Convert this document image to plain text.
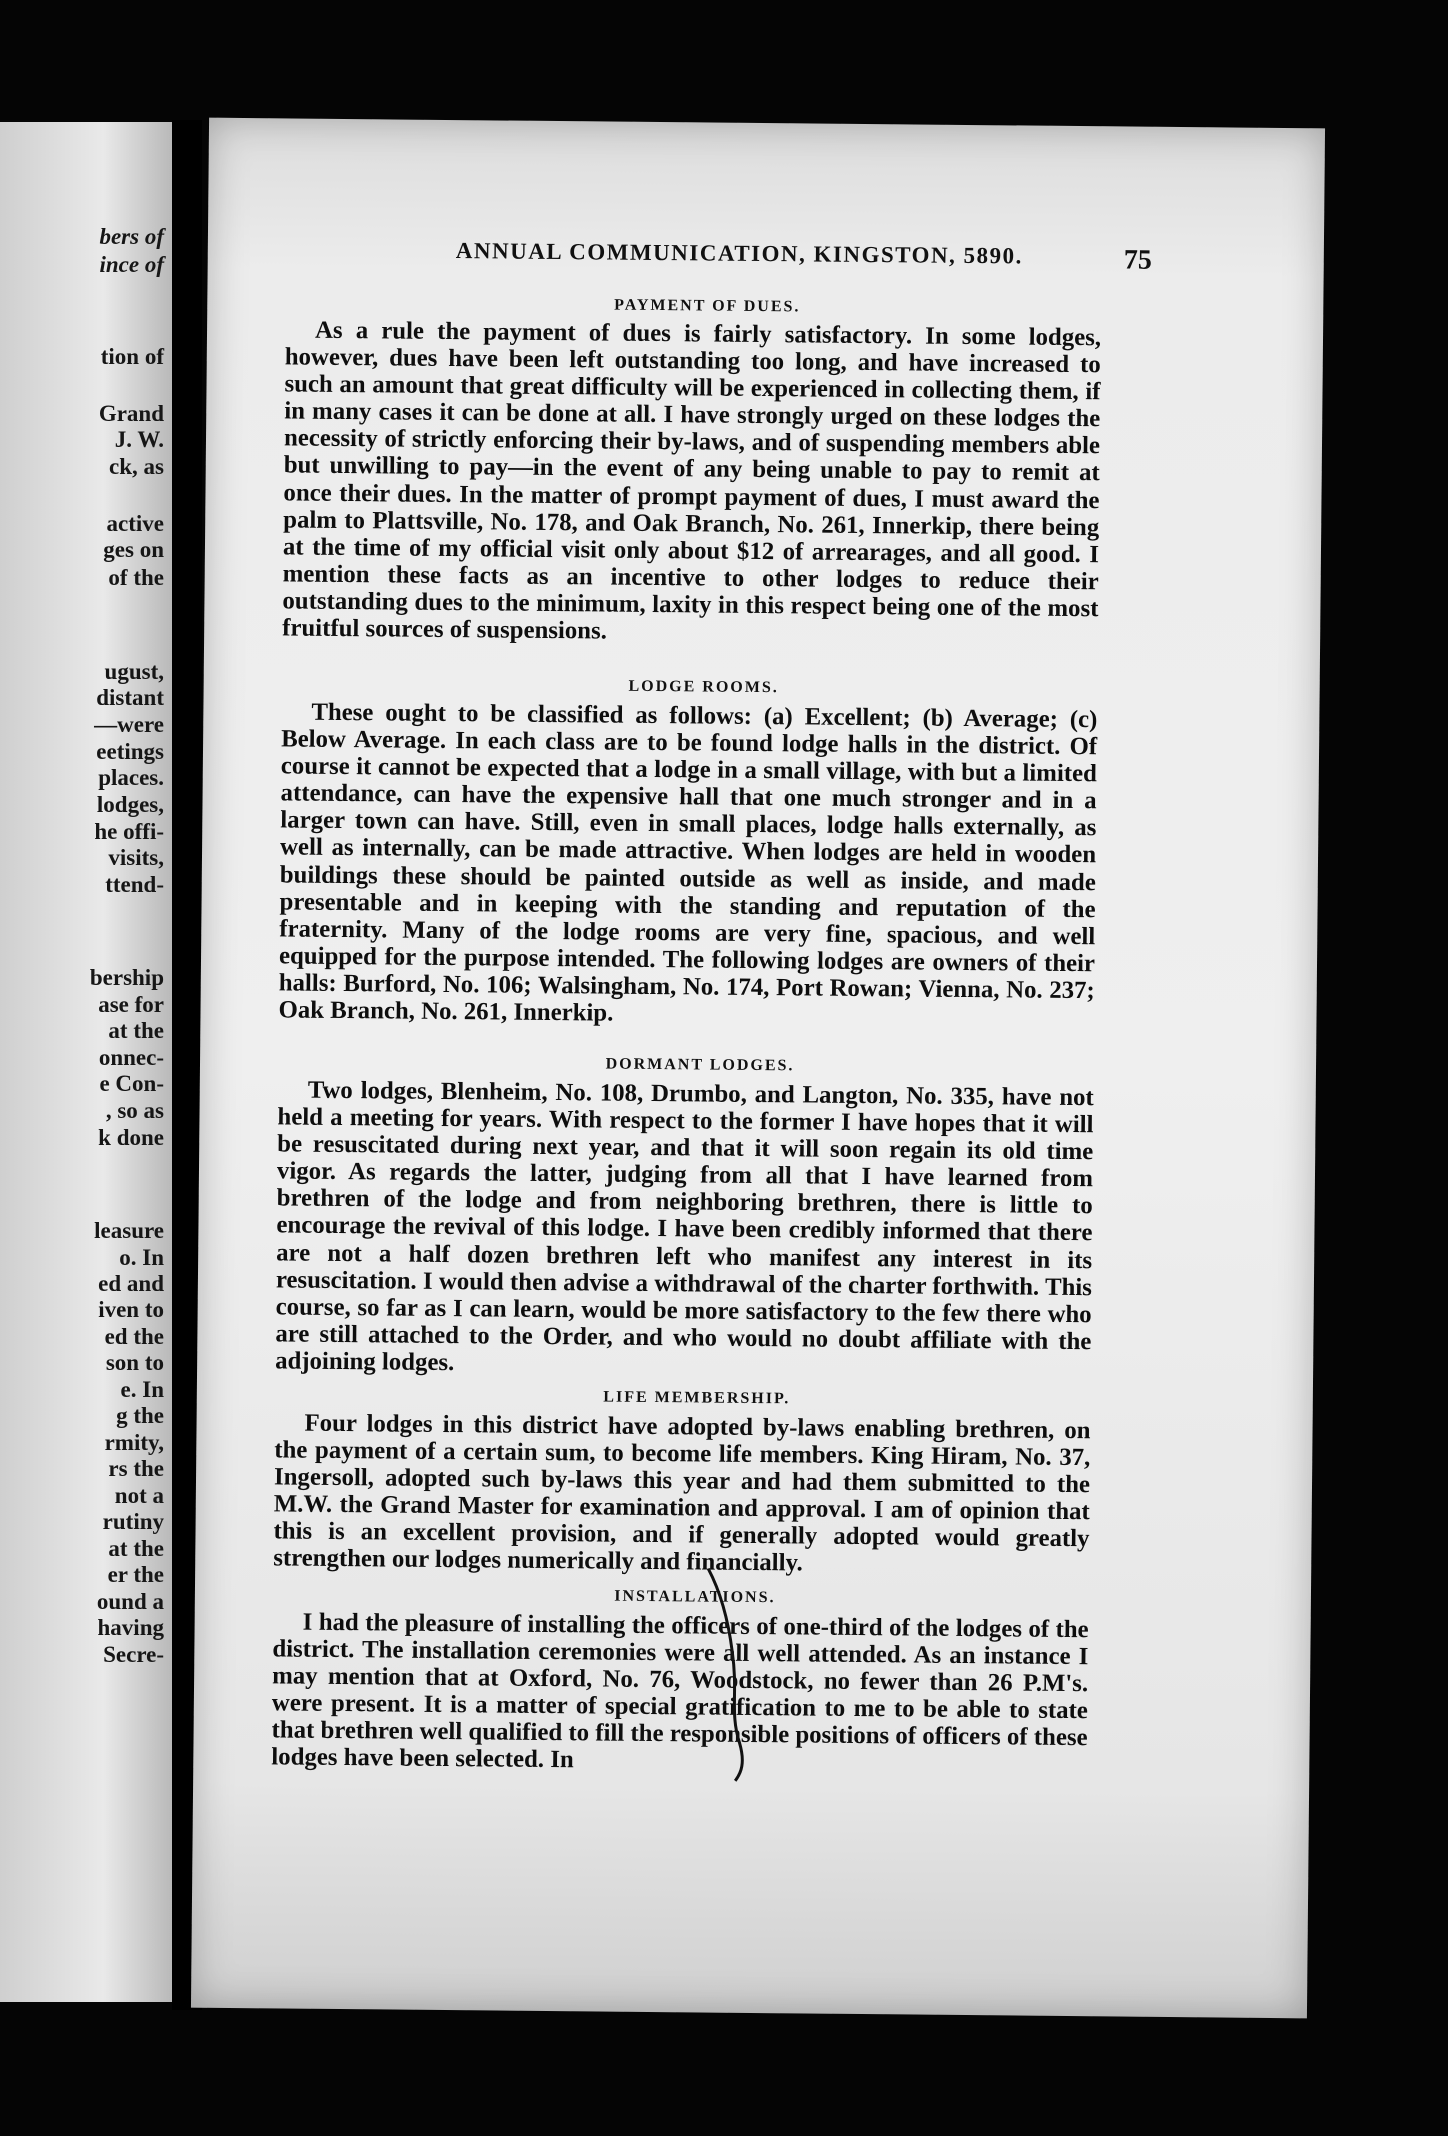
bers of
ince of
tion of
Grand
J. W.
ck, as
active
ges on
of the
ugust,
distant
—were
eetings
places.
lodges,
he offi-
visits,
ttend-
bership
ase for
at the
onnec-
e Con-
, so as
k done
leasure
o. In
ed and
iven to
ed the
son to
e. In
g the
rmity,
rs the
not a
rutiny
at the
er the
ound a
having
Secre-
ANNUAL COMMUNICATION, KINGSTON, 5890.	75
PAYMENT OF DUES.
As a rule the payment of dues is fairly satisfactory. In some lodges, however, dues have been left outstanding too long, and have increased to such an amount that great difficulty will be experienced in collecting them, if in many cases it can be done at all. I have strongly urged on these lodges the necessity of strictly enforcing their by-laws, and of suspending members able but unwilling to pay—in the event of any being unable to pay to remit at once their dues. In the matter of prompt payment of dues, I must award the palm to Plattsville, No. 178, and Oak Branch, No. 261, Innerkip, there being at the time of my official visit only about $12 of arrearages, and all good. I mention these facts as an incentive to other lodges to reduce their outstanding dues to the minimum, laxity in this respect being one of the most fruitful sources of suspensions.
LODGE ROOMS.
These ought to be classified as follows: (a) Excellent; (b) Average; (c) Below Average. In each class are to be found lodge halls in the district. Of course it cannot be expected that a lodge in a small village, with but a limited attendance, can have the expensive hall that one much stronger and in a larger town can have. Still, even in small places, lodge halls externally, as well as internally, can be made attractive. When lodges are held in wooden buildings these should be painted outside as well as inside, and made presentable and in keeping with the standing and reputation of the fraternity. Many of the lodge rooms are very fine, spacious, and well equipped for the purpose intended. The following lodges are owners of their halls: Burford, No. 106; Walsingham, No. 174, Port Rowan; Vienna, No. 237; Oak Branch, No. 261, Innerkip.
DORMANT LODGES.
Two lodges, Blenheim, No. 108, Drumbo, and Langton, No. 335, have not held a meeting for years. With respect to the former I have hopes that it will be resuscitated during next year, and that it will soon regain its old time vigor. As regards the latter, judging from all that I have learned from brethren of the lodge and from neighboring brethren, there is little to encourage the revival of this lodge. I have been credibly informed that there are not a half dozen brethren left who manifest any interest in its resuscitation. I would then advise a withdrawal of the charter forthwith. This course, so far as I can learn, would be more satisfactory to the few there who are still attached to the Order, and who would no doubt affiliate with the adjoining lodges.
LIFE MEMBERSHIP.
Four lodges in this district have adopted by-laws enabling brethren, on the payment of a certain sum, to become life members. King Hiram, No. 37, Ingersoll, adopted such by-laws this year and had them submitted to the M.W. the Grand Master for examination and approval. I am of opinion that this is an excellent provision, and if generally adopted would greatly strengthen our lodges numerically and financially.
INSTALLATIONS.
I had the pleasure of installing the officers of one-third of the lodges of the district. The installation ceremonies were all well attended. As an instance I may mention that at Oxford, No. 76, Woodstock, no fewer than 26 P.M's. were present. It is a matter of special gratification to me to be able to state that brethren well qualified to fill the responsible positions of officers of these lodges have been selected. In
